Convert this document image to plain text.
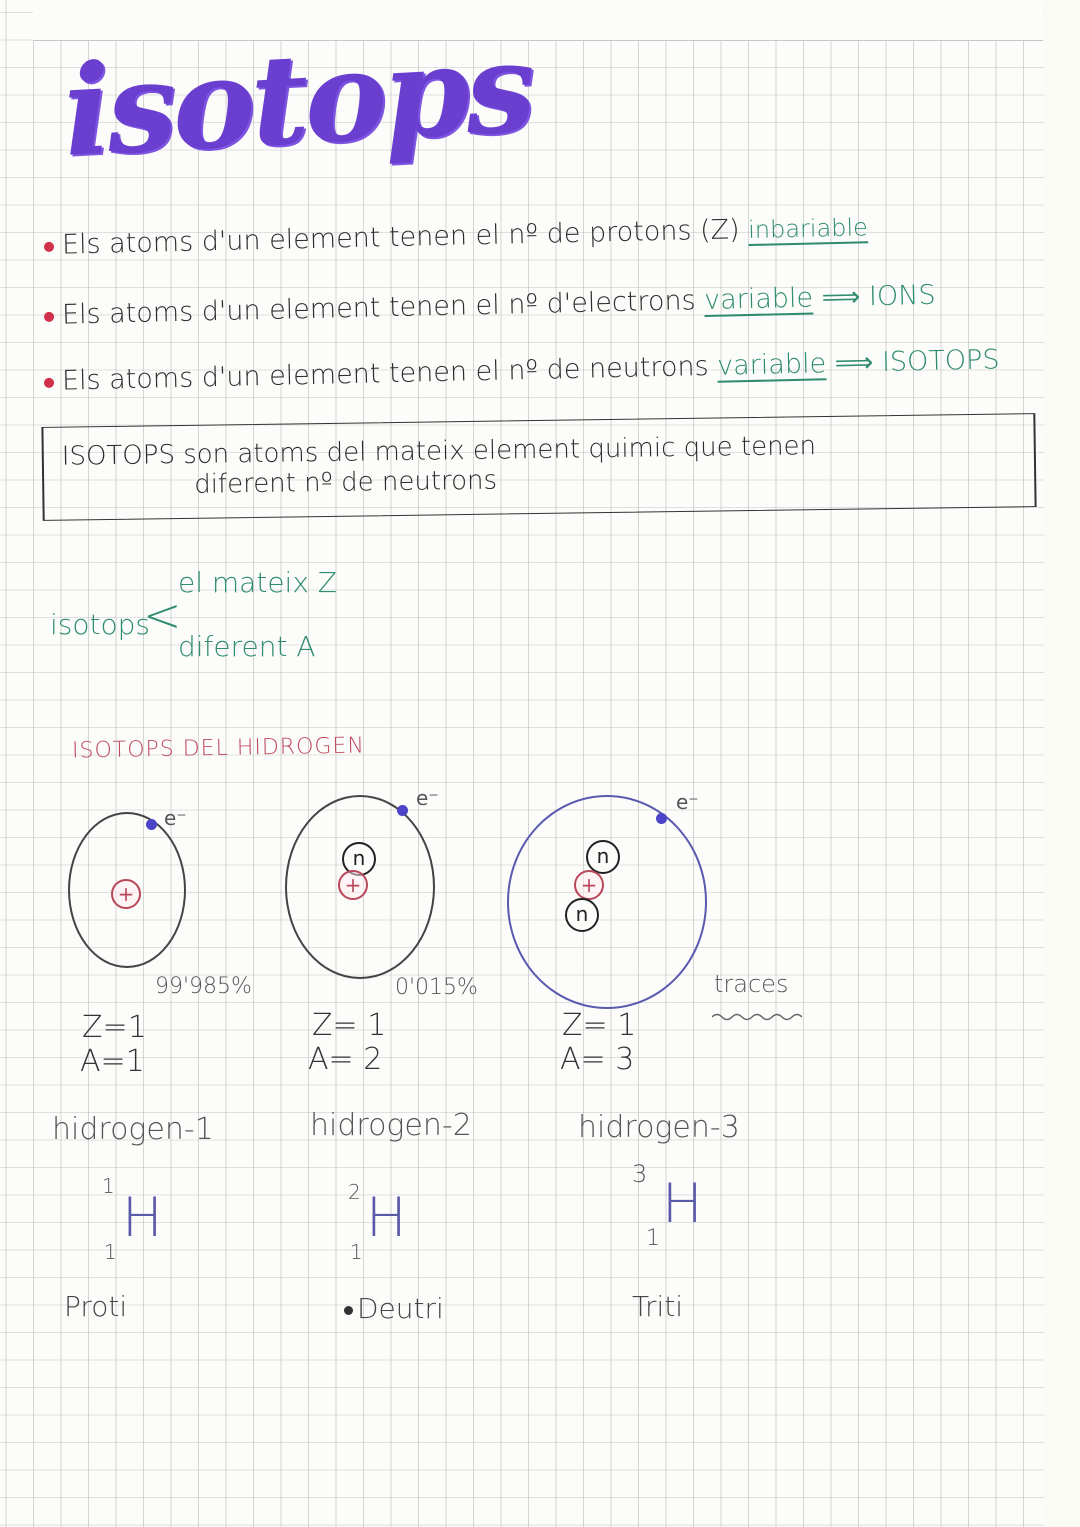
isotops
Els atoms d'un element tenen el nº de protons (Z) inbariable
Els atoms d'un element tenen el nº d'electrons variable ⟹ IONS
Els atoms d'un element tenen el nº de neutrons variable ⟹ ISOTOPS
ISOTOPS son atoms del mateix element quimic que tenen
diferent nº de neutrons
isotops
<
el mateix Z
diferent A
ISOTOPS DEL HIDROGEN
e⁻
+
99'985%
Z=1
A=1
hidrogen-1
1
1
H
Proti
e⁻
n
+
0'015%
Z= 1
A= 2
hidrogen-2
2
1
H
Deutri
e⁻
n
+
n
traces
Z= 1
A= 3
hidrogen-3
3
1
H
Triti
